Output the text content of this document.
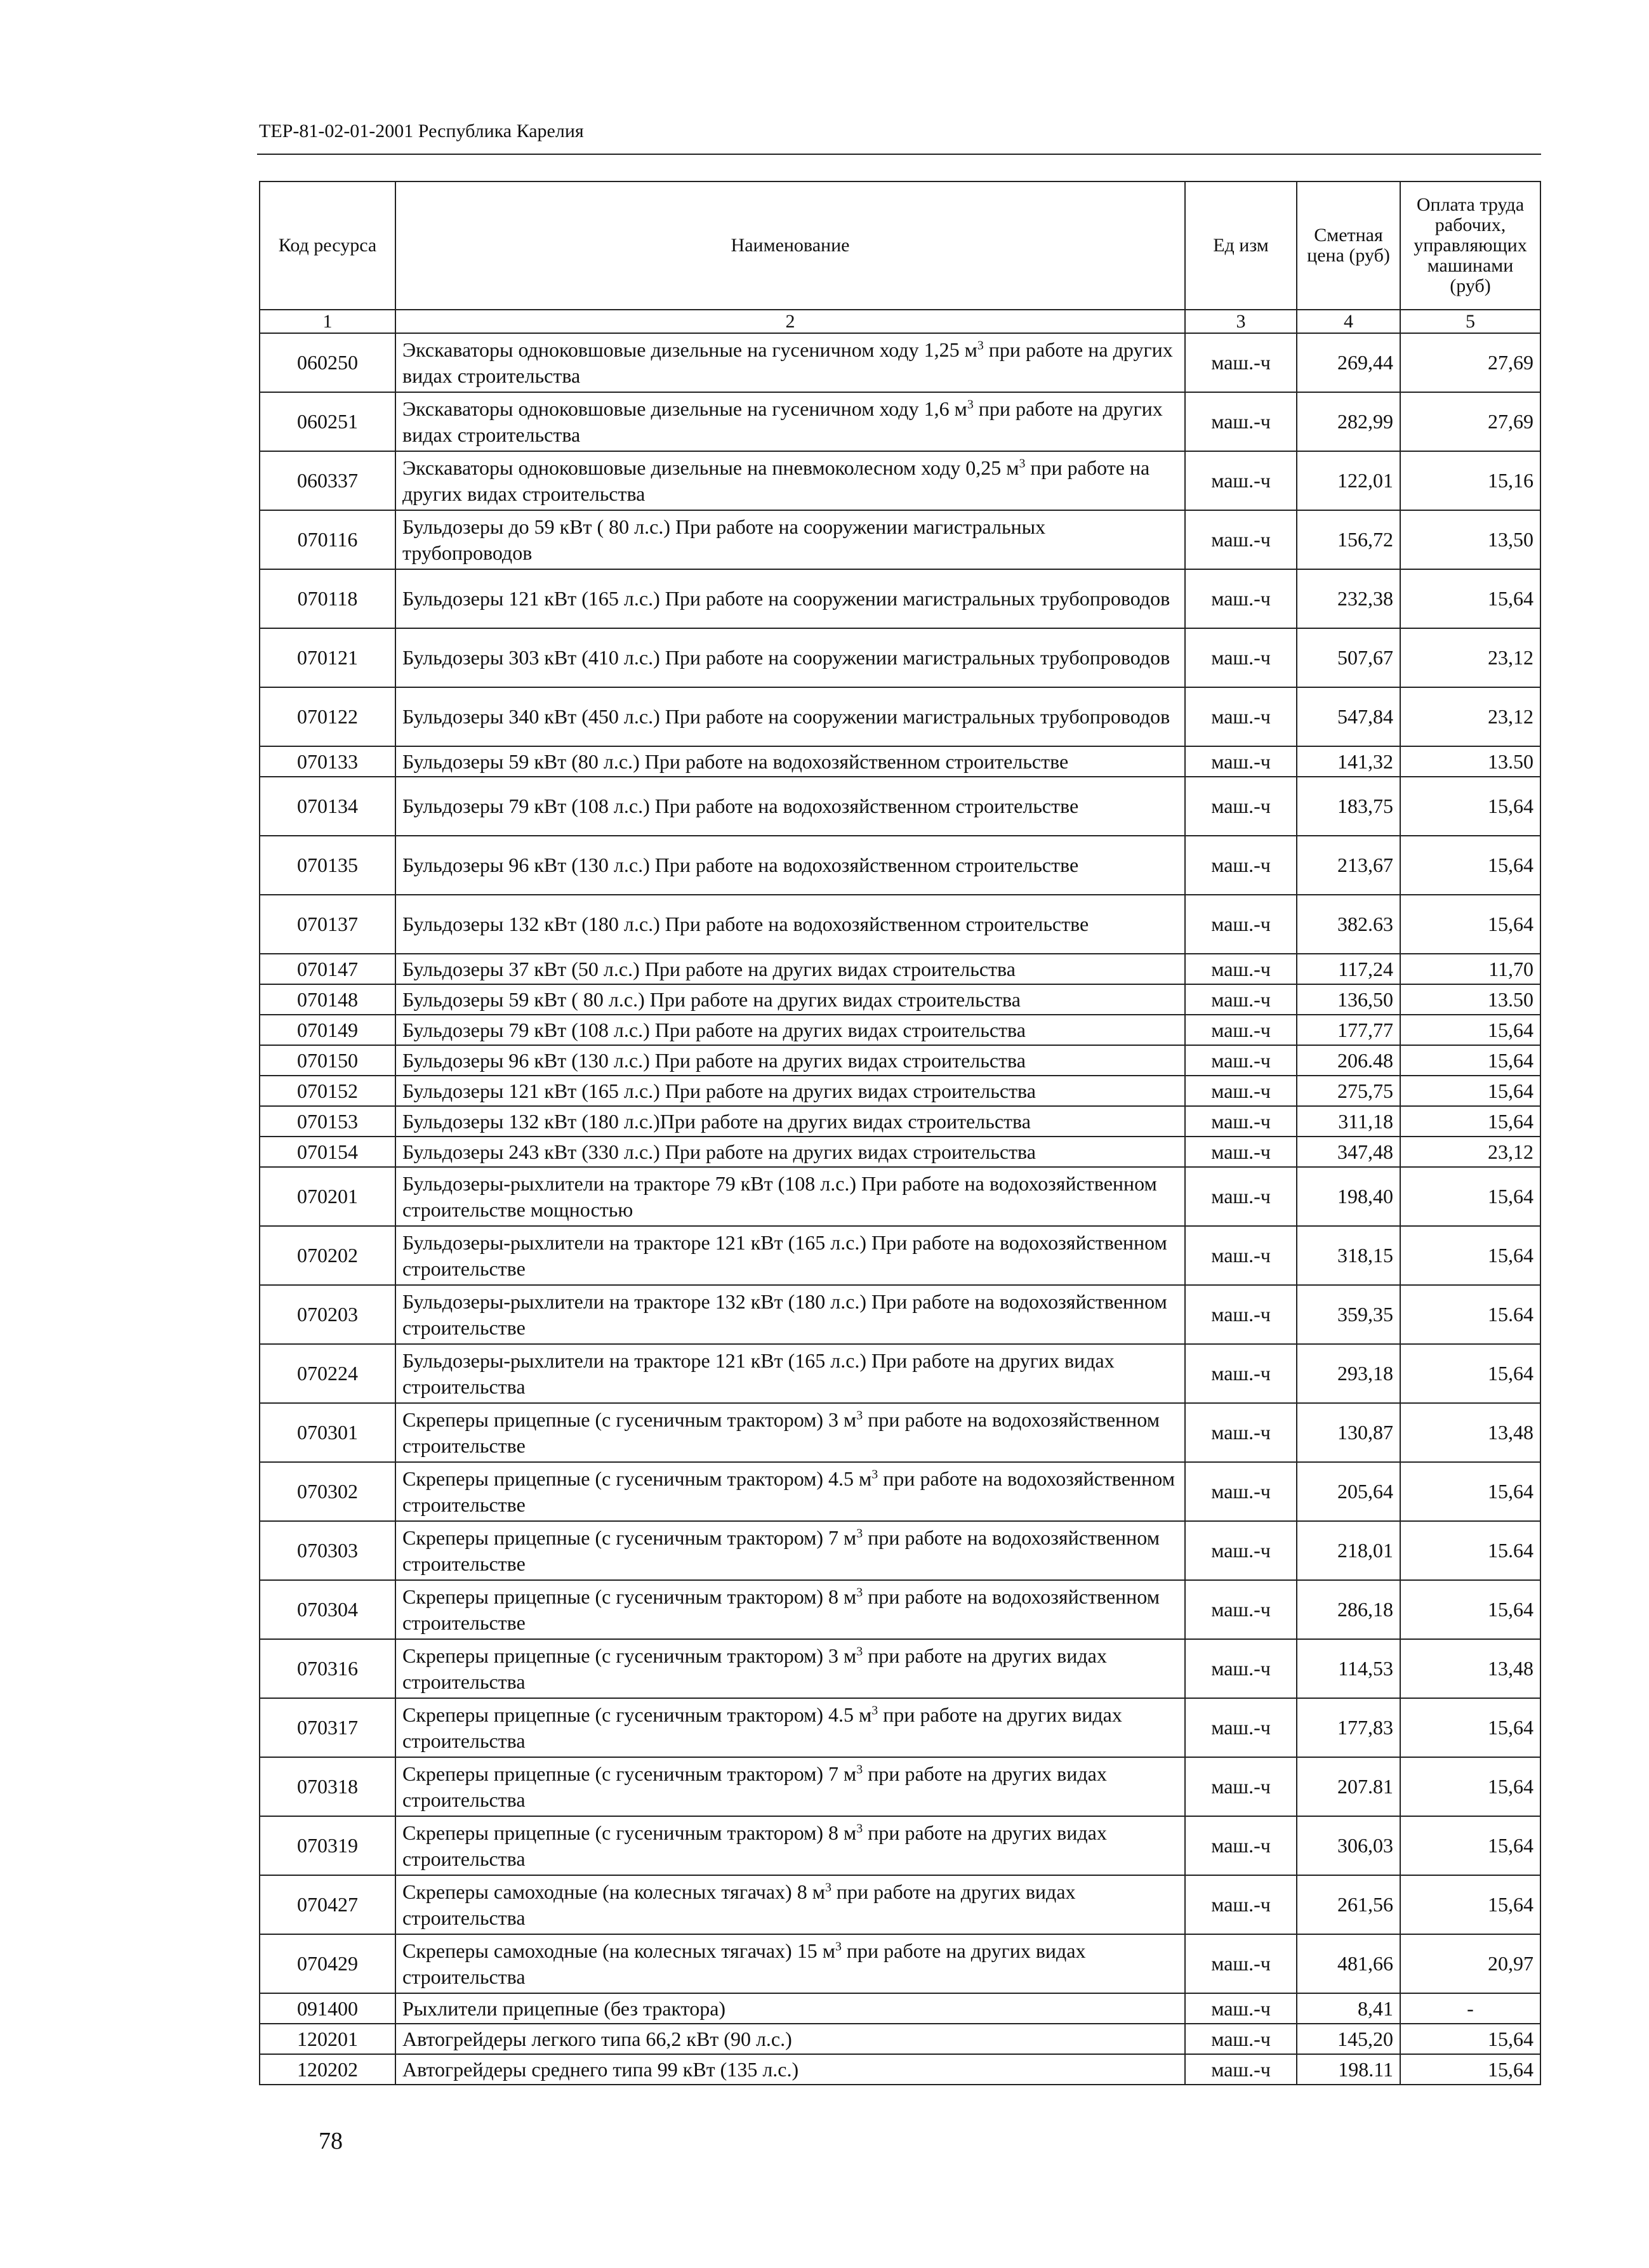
ТЕР-81-02-01-2001 Республика Карелия
Код ресурса	Наименование	Ед изм	Сметная цена (руб)	Оплата труда рабочих, управляющих машинами (руб)
1	2	3	4	5
060250	Экскаваторы одноковшовые дизельные на гусеничном ходу 1,25 $м^3$ при работе на других видах строительства	маш.-ч	269,44	27,69
060251	Экскаваторы одноковшовые дизельные на гусеничном ходу 1,6 $м^3$ при работе на других видах строительства	маш.-ч	282,99	27,69
060337	Экскаваторы одноковшовые дизельные на пневмоколесном ходу 0,25 $м^3$ при работе на других видах строительства	маш.-ч	122,01	15,16
070116	Бульдозеры до 59 кВт ( 80 л.с.) При работе на сооружении магистральных трубопроводов	маш.-ч	156,72	13,50
070118	Бульдозеры 121 кВт (165 л.с.) При работе на сооружении магистральных трубопроводов	маш.-ч	232,38	15,64
070121	Бульдозеры 303 кВт (410 л.с.) При работе на сооружении магистральных трубопроводов	маш.-ч	507,67	23,12
070122	Бульдозеры 340 кВт (450 л.с.) При работе на сооружении магистральных трубопроводов	маш.-ч	547,84	23,12
070133	Бульдозеры 59 кВт (80 л.с.) При работе на водохозяйственном строительстве	маш.-ч	141,32	13.50
070134	Бульдозеры 79 кВт (108 л.с.) При работе на водохозяйственном строительстве	маш.-ч	183,75	15,64
070135	Бульдозеры 96 кВт (130 л.с.) При работе на водохозяйственном строительстве	маш.-ч	213,67	15,64
070137	Бульдозеры 132 кВт (180 л.с.) При работе на водохозяйственном строительстве	маш.-ч	382.63	15,64
070147	Бульдозеры 37 кВт (50 л.с.) При работе на других видах строительства	маш.-ч	117,24	11,70
070148	Бульдозеры 59 кВт ( 80 л.с.) При работе на других видах строительства	маш.-ч	136,50	13.50
070149	Бульдозеры 79 кВт (108 л.с.) При работе на других видах строительства	маш.-ч	177,77	15,64
070150	Бульдозеры 96 кВт (130 л.с.) При работе на других видах строительства	маш.-ч	206.48	15,64
070152	Бульдозеры 121 кВт (165 л.с.) При работе на других видах строительства	маш.-ч	275,75	15,64
070153	Бульдозеры 132 кВт (180 л.с.)При работе на других видах строительства	маш.-ч	311,18	15,64
070154	Бульдозеры 243 кВт (330 л.с.) При работе на других видах строительства	маш.-ч	347,48	23,12
070201	Бульдозеры-рыхлители на тракторе 79 кВт (108 л.с.) При работе на водохозяйственном строительстве мощностью	маш.-ч	198,40	15,64
070202	Бульдозеры-рыхлители на тракторе 121 кВт (165 л.с.) При работе на водохозяйственном строительстве	маш.-ч	318,15	15,64
070203	Бульдозеры-рыхлители на тракторе 132 кВт (180 л.с.) При работе на водохозяйственном строительстве	маш.-ч	359,35	15.64
070224	Бульдозеры-рыхлители на тракторе 121 кВт (165 л.с.) При работе на других видах строительства	маш.-ч	293,18	15,64
070301	Скреперы прицепные (с гусеничным трактором) 3 $м^3$ при работе на водохозяйственном строительстве	маш.-ч	130,87	13,48
070302	Скреперы прицепные (с гусеничным трактором) 4.5 $м^3$ при работе на водохозяйственном строительстве	маш.-ч	205,64	15,64
070303	Скреперы прицепные (с гусеничным трактором) 7 $м^3$ при работе на водохозяйственном строительстве	маш.-ч	218,01	15.64
070304	Скреперы прицепные (с гусеничным трактором) 8 $м^3$ при работе на водохозяйственном строительстве	маш.-ч	286,18	15,64
070316	Скреперы прицепные (с гусеничным трактором) 3 $м^3$ при работе на других видах строительства	маш.-ч	114,53	13,48
070317	Скреперы прицепные (с гусеничным трактором) 4.5 $м^3$ при работе на других видах строительства	маш.-ч	177,83	15,64
070318	Скреперы прицепные (с гусеничным трактором) 7 $м^3$ при работе на других видах строительства	маш.-ч	207.81	15,64
070319	Скреперы прицепные (с гусеничным трактором) 8 $м^3$ при работе на других видах строительства	маш.-ч	306,03	15,64
070427	Скреперы самоходные (на колесных тягачах) 8 $м^3$ при работе на других видах строительства	маш.-ч	261,56	15,64
070429	Скреперы самоходные (на колесных тягачах) 15 $м^3$ при работе на других видах строительства	маш.-ч	481,66	20,97
091400	Рыхлители прицепные (без трактора)	маш.-ч	8,41	-
120201	Автогрейдеры легкого типа 66,2 кВт (90 л.с.)	маш.-ч	145,20	15,64
120202	Автогрейдеры среднего типа 99 кВт (135 л.с.)	маш.-ч	198.11	15,64
78
